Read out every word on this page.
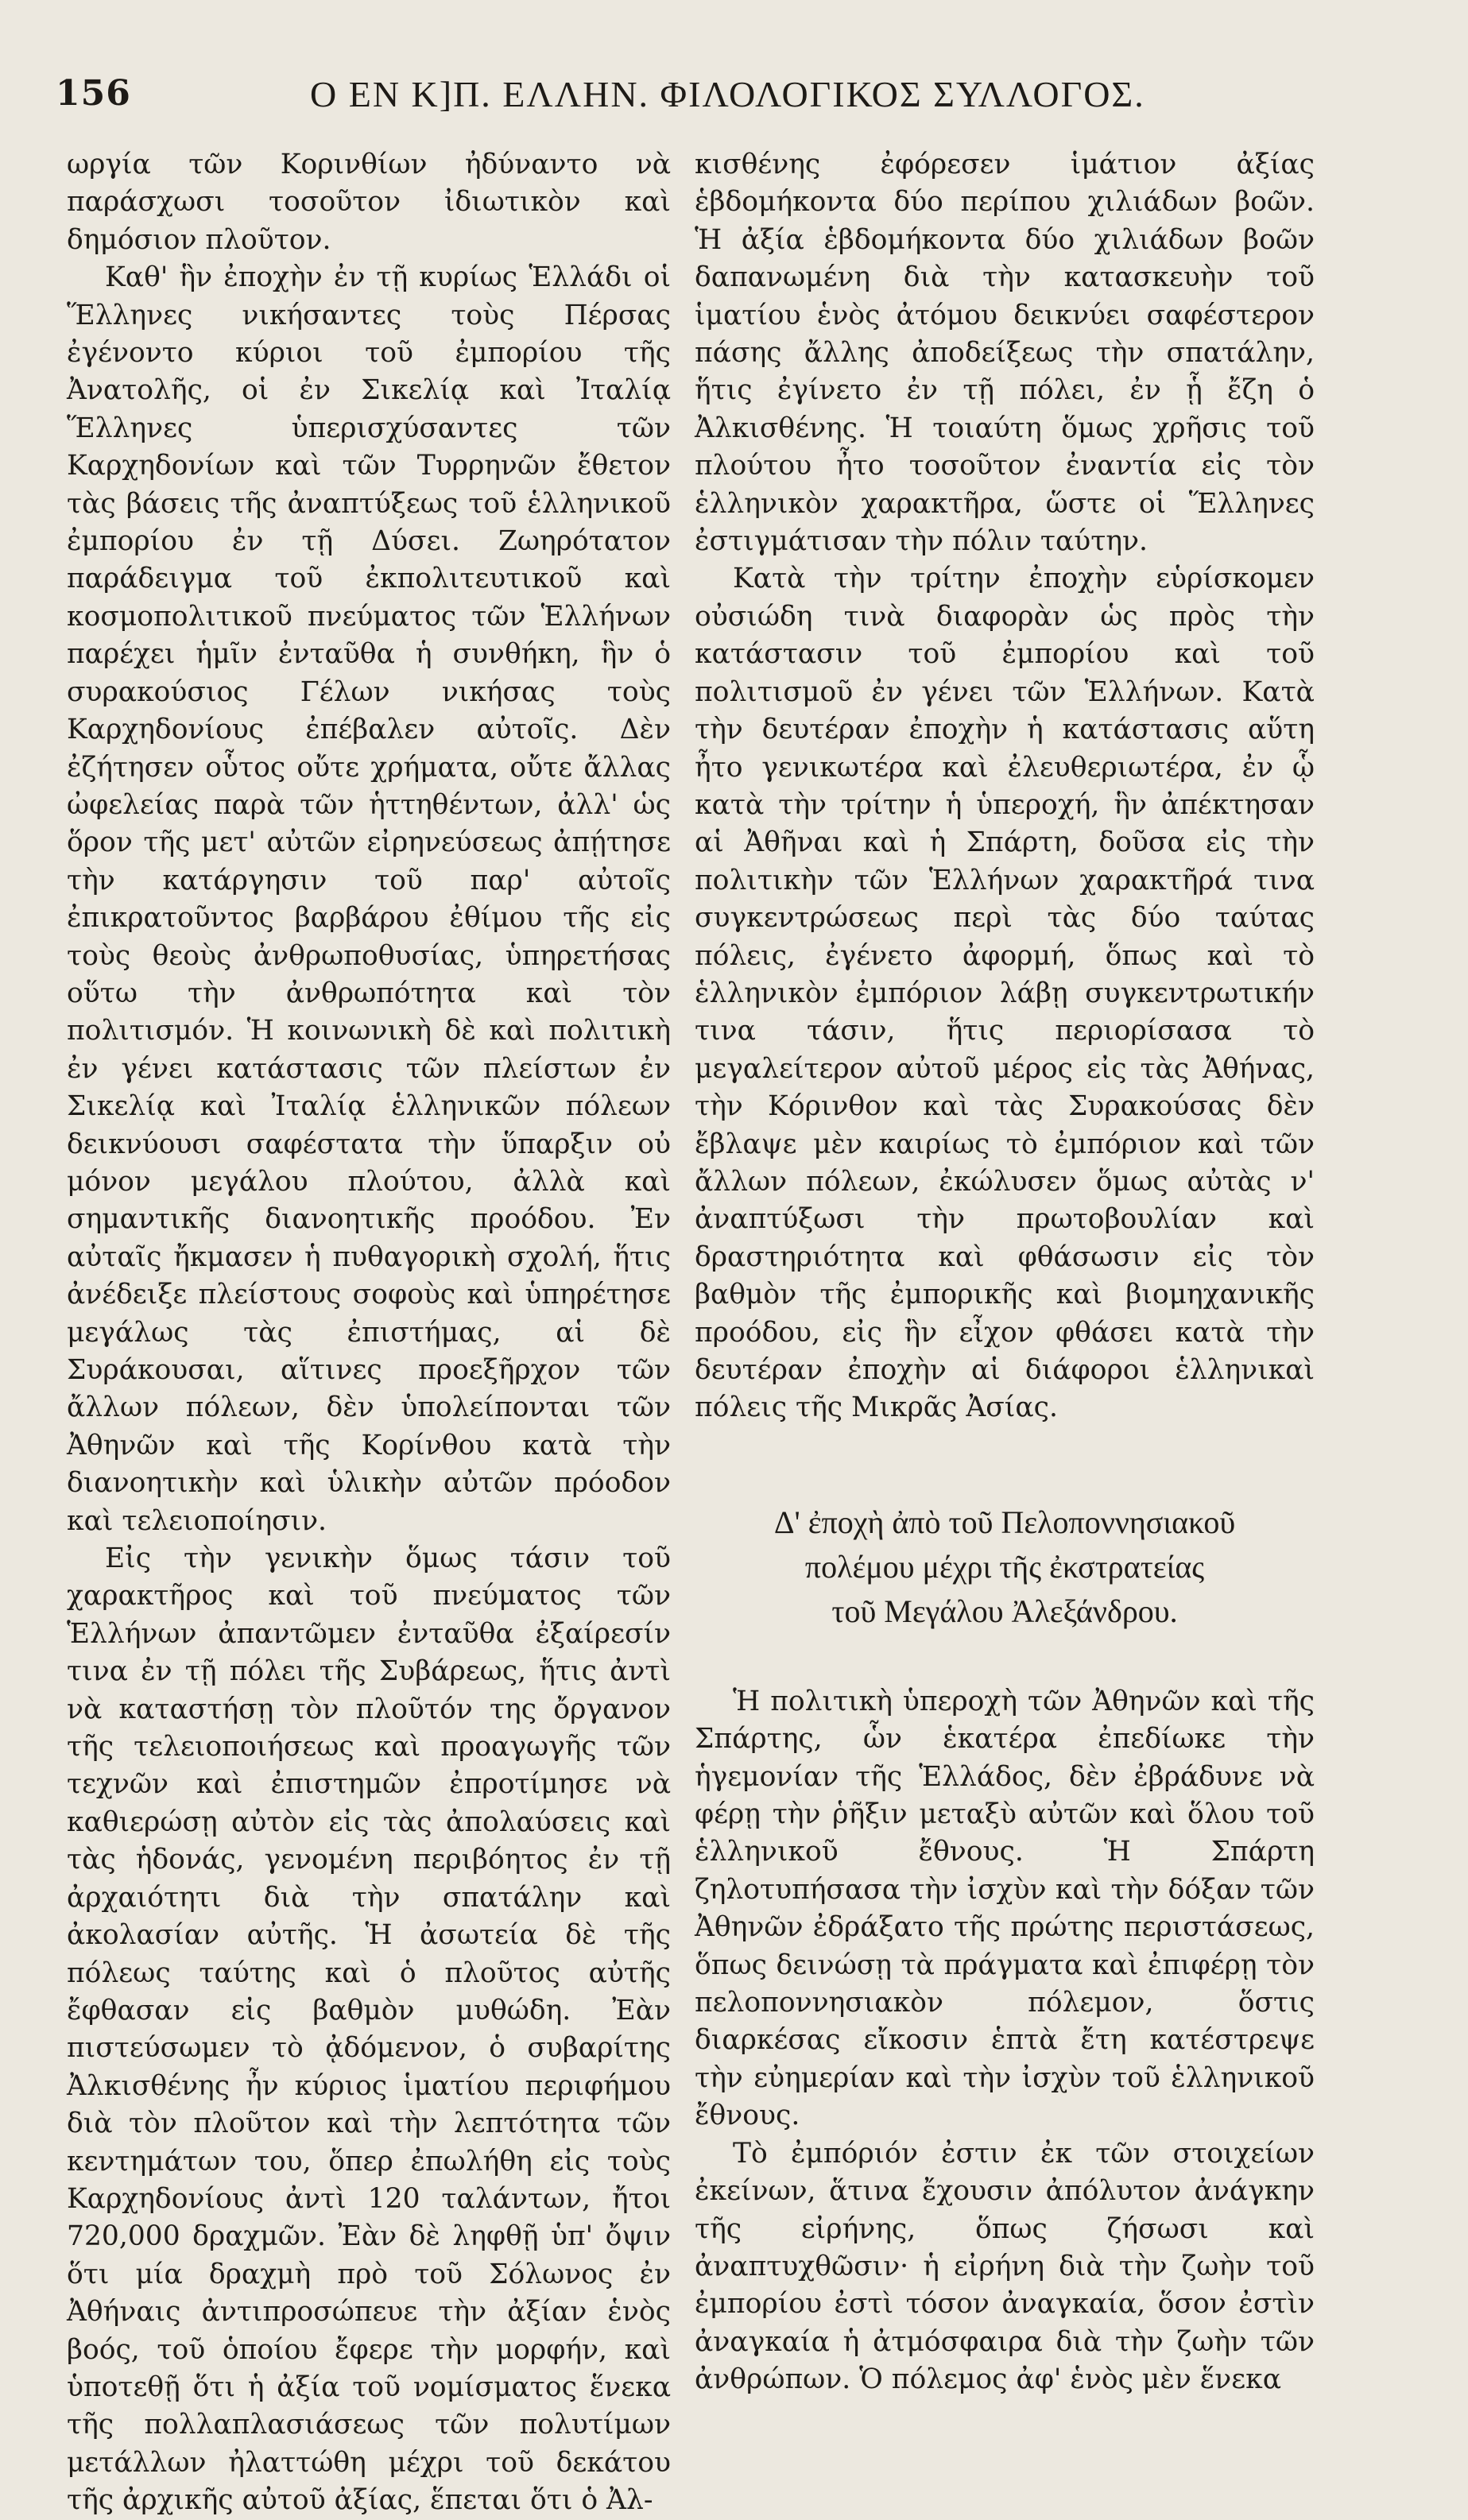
156	Ο ΕΝ Κ]Π. ΕΛΛΗΝ. ΦΙΛΟΛΟΓΙΚΟΣ ΣΥΛΛΟΓΟΣ.

ωργία τῶν Κορινθίων ἠδύναντο νὰ παράσχωσι τοσοῦτον ἰδιωτικὸν καὶ δημόσιον πλοῦτον.

Καθ' ἣν ἐποχὴν ἐν τῇ κυρίως Ἑλλάδι οἱ Ἕλληνες νικήσαντες τοὺς Πέρσας ἐγένοντο κύριοι τοῦ ἐμπορίου τῆς Ἀνατολῆς, οἱ ἐν Σικελίᾳ καὶ Ἰταλίᾳ Ἕλληνες ὑπερισχύσαντες τῶν Καρχηδονίων καὶ τῶν Τυρρηνῶν ἔθετον τὰς βάσεις τῆς ἀναπτύξεως τοῦ ἑλληνικοῦ ἐμπορίου ἐν τῇ Δύσει. Ζωηρότατον παράδειγμα τοῦ ἐκπολιτευτικοῦ καὶ κοσμοπολιτικοῦ πνεύματος τῶν Ἑλλήνων παρέχει ἡμῖν ἐνταῦθα ἡ συνθήκη, ἣν ὁ συρακούσιος Γέλων νικήσας τοὺς Καρχηδονίους ἐπέβαλεν αὐτοῖς. Δὲν ἐζήτησεν οὗτος οὔτε χρήματα, οὔτε ἄλλας ὠφελείας παρὰ τῶν ἡττηθέντων, ἀλλ' ὡς ὅρον τῆς μετ' αὐτῶν εἰρηνεύσεως ἀπῄτησε τὴν κατάργησιν τοῦ παρ' αὐτοῖς ἐπικρατοῦντος βαρβάρου ἐθίμου τῆς εἰς τοὺς θεοὺς ἀνθρωποθυσίας, ὑπηρετήσας οὕτω τὴν ἀνθρωπότητα καὶ τὸν πολιτισμόν. Ἡ κοινωνικὴ δὲ καὶ πολιτικὴ ἐν γένει κατάστασις τῶν πλείστων ἐν Σικελίᾳ καὶ Ἰταλίᾳ ἑλληνικῶν πόλεων δεικνύουσι σαφέστατα τὴν ὕπαρξιν οὐ μόνον μεγάλου πλούτου, ἀλλὰ καὶ σημαντικῆς διανοητικῆς προόδου. Ἐν αὐταῖς ἤκμασεν ἡ πυθαγορικὴ σχολή, ἥτις ἀνέδειξε πλείστους σοφοὺς καὶ ὑπηρέτησε μεγάλως τὰς ἐπιστήμας, αἱ δὲ Συράκουσαι, αἵτινες προεξῆρχον τῶν ἄλλων πόλεων, δὲν ὑπολείπονται τῶν Ἀθηνῶν καὶ τῆς Κορίνθου κατὰ τὴν διανοητικὴν καὶ ὑλικὴν αὐτῶν πρόοδον καὶ τελειοποίησιν.

Εἰς τὴν γενικὴν ὅμως τάσιν τοῦ χαρακτῆρος καὶ τοῦ πνεύματος τῶν Ἑλλήνων ἀπαντῶμεν ἐνταῦθα ἐξαίρεσίν τινα ἐν τῇ πόλει τῆς Συβάρεως, ἥτις ἀντὶ νὰ καταστήσῃ τὸν πλοῦτόν της ὄργανον τῆς τελειοποιήσεως καὶ προαγωγῆς τῶν τεχνῶν καὶ ἐπιστημῶν ἐπροτίμησε νὰ καθιερώσῃ αὐτὸν εἰς τὰς ἀπολαύσεις καὶ τὰς ἡδονάς, γενομένη περιβόητος ἐν τῇ ἀρχαιότητι διὰ τὴν σπατάλην καὶ ἀκολασίαν αὐτῆς. Ἡ ἀσωτεία δὲ τῆς πόλεως ταύτης καὶ ὁ πλοῦτος αὐτῆς ἔφθασαν εἰς βαθμὸν μυθώδη. Ἐὰν πιστεύσωμεν τὸ ᾀδόμενον, ὁ συβαρίτης Ἀλκισθένης ἦν κύριος ἱματίου περιφήμου διὰ τὸν πλοῦτον καὶ τὴν λεπτότητα τῶν κεντημάτων του, ὅπερ ἐπωλήθη εἰς τοὺς Καρχηδονίους ἀντὶ 120 ταλάντων, ἤτοι 720,000 δραχμῶν. Ἐὰν δὲ ληφθῇ ὑπ' ὄψιν ὅτι μία δραχμὴ πρὸ τοῦ Σόλωνος ἐν Ἀθήναις ἀντιπροσώπευε τὴν ἀξίαν ἑνὸς βοός, τοῦ ὁποίου ἔφερε τὴν μορφήν, καὶ ὑποτεθῇ ὅτι ἡ ἀξία τοῦ νομίσματος ἕνεκα τῆς πολλαπλασιάσεως τῶν πολυτίμων μετάλλων ἠλαττώθη μέχρι τοῦ δεκάτου τῆς ἀρχικῆς αὐτοῦ ἀξίας, ἕπεται ὅτι ὁ Ἀλ-

κισθένης ἐφόρεσεν ἱμάτιον ἀξίας ἑβδομήκοντα δύο περίπου χιλιάδων βοῶν. Ἡ ἀξία ἑβδομήκοντα δύο χιλιάδων βοῶν δαπανωμένη διὰ τὴν κατασκευὴν τοῦ ἱματίου ἑνὸς ἀτόμου δεικνύει σαφέστερον πάσης ἄλλης ἀποδείξεως τὴν σπατάλην, ἥτις ἐγίνετο ἐν τῇ πόλει, ἐν ᾗ ἔζη ὁ Ἀλκισθένης. Ἡ τοιαύτη ὅμως χρῆσις τοῦ πλούτου ἦτο τοσοῦτον ἐναντία εἰς τὸν ἑλληνικὸν χαρακτῆρα, ὥστε οἱ Ἕλληνες ἐστιγμάτισαν τὴν πόλιν ταύτην.

Κατὰ τὴν τρίτην ἐποχὴν εὑρίσκομεν οὐσιώδη τινὰ διαφορὰν ὡς πρὸς τὴν κατάστασιν τοῦ ἐμπορίου καὶ τοῦ πολιτισμοῦ ἐν γένει τῶν Ἑλλήνων. Κατὰ τὴν δευτέραν ἐποχὴν ἡ κατάστασις αὕτη ἦτο γενικωτέρα καὶ ἐλευθεριωτέρα, ἐν ᾧ κατὰ τὴν τρίτην ἡ ὑπεροχή, ἣν ἀπέκτησαν αἱ Ἀθῆναι καὶ ἡ Σπάρτη, δοῦσα εἰς τὴν πολιτικὴν τῶν Ἑλλήνων χαρακτῆρά τινα συγκεντρώσεως περὶ τὰς δύο ταύτας πόλεις, ἐγένετο ἀφορμή, ὅπως καὶ τὸ ἑλληνικὸν ἐμπόριον λάβῃ συγκεντρωτικήν τινα τάσιν, ἥτις περιορίσασα τὸ μεγαλείτερον αὐτοῦ μέρος εἰς τὰς Ἀθήνας, τὴν Κόρινθον καὶ τὰς Συρακούσας δὲν ἔβλαψε μὲν καιρίως τὸ ἐμπόριον καὶ τῶν ἄλλων πόλεων, ἐκώλυσεν ὅμως αὐτὰς ν' ἀναπτύξωσι τὴν πρωτοβουλίαν καὶ δραστηριότητα καὶ φθάσωσιν εἰς τὸν βαθμὸν τῆς ἐμπορικῆς καὶ βιομηχανικῆς προόδου, εἰς ἣν εἶχον φθάσει κατὰ τὴν δευτέραν ἐποχὴν αἱ διάφοροι ἑλληνικαὶ πόλεις τῆς Μικρᾶς Ἀσίας.

Δ' ἐποχὴ ἀπὸ τοῦ Πελοποννησιακοῦ
πολέμου μέχρι τῆς ἐκστρατείας
τοῦ Μεγάλου Ἀλεξάνδρου.

Ἡ πολιτικὴ ὑπεροχὴ τῶν Ἀθηνῶν καὶ τῆς Σπάρτης, ὧν ἑκατέρα ἐπεδίωκε τὴν ἡγεμονίαν τῆς Ἑλλάδος, δὲν ἐβράδυνε νὰ φέρῃ τὴν ῥῆξιν μεταξὺ αὐτῶν καὶ ὅλου τοῦ ἑλληνικοῦ ἔθνους. Ἡ Σπάρτη ζηλοτυπήσασα τὴν ἰσχὺν καὶ τὴν δόξαν τῶν Ἀθηνῶν ἐδράξατο τῆς πρώτης περιστάσεως, ὅπως δεινώσῃ τὰ πράγματα καὶ ἐπιφέρῃ τὸν πελοποννησιακὸν πόλεμον, ὅστις διαρκέσας εἴκοσιν ἑπτὰ ἔτη κατέστρεψε τὴν εὐημερίαν καὶ τὴν ἰσχὺν τοῦ ἑλληνικοῦ ἔθνους.

Τὸ ἐμπόριόν ἐστιν ἐκ τῶν στοιχείων ἐκείνων, ἅτινα ἔχουσιν ἀπόλυτον ἀνάγκην τῆς εἰρήνης, ὅπως ζήσωσι καὶ ἀναπτυχθῶσιν· ἡ εἰρήνη διὰ τὴν ζωὴν τοῦ ἐμπορίου ἐστὶ τόσον ἀναγκαία, ὅσον ἐστὶν ἀναγκαία ἡ ἀτμόσφαιρα διὰ τὴν ζωὴν τῶν ἀνθρώπων. Ὁ πόλεμος ἀφ' ἑνὸς μὲν ἕνεκα
